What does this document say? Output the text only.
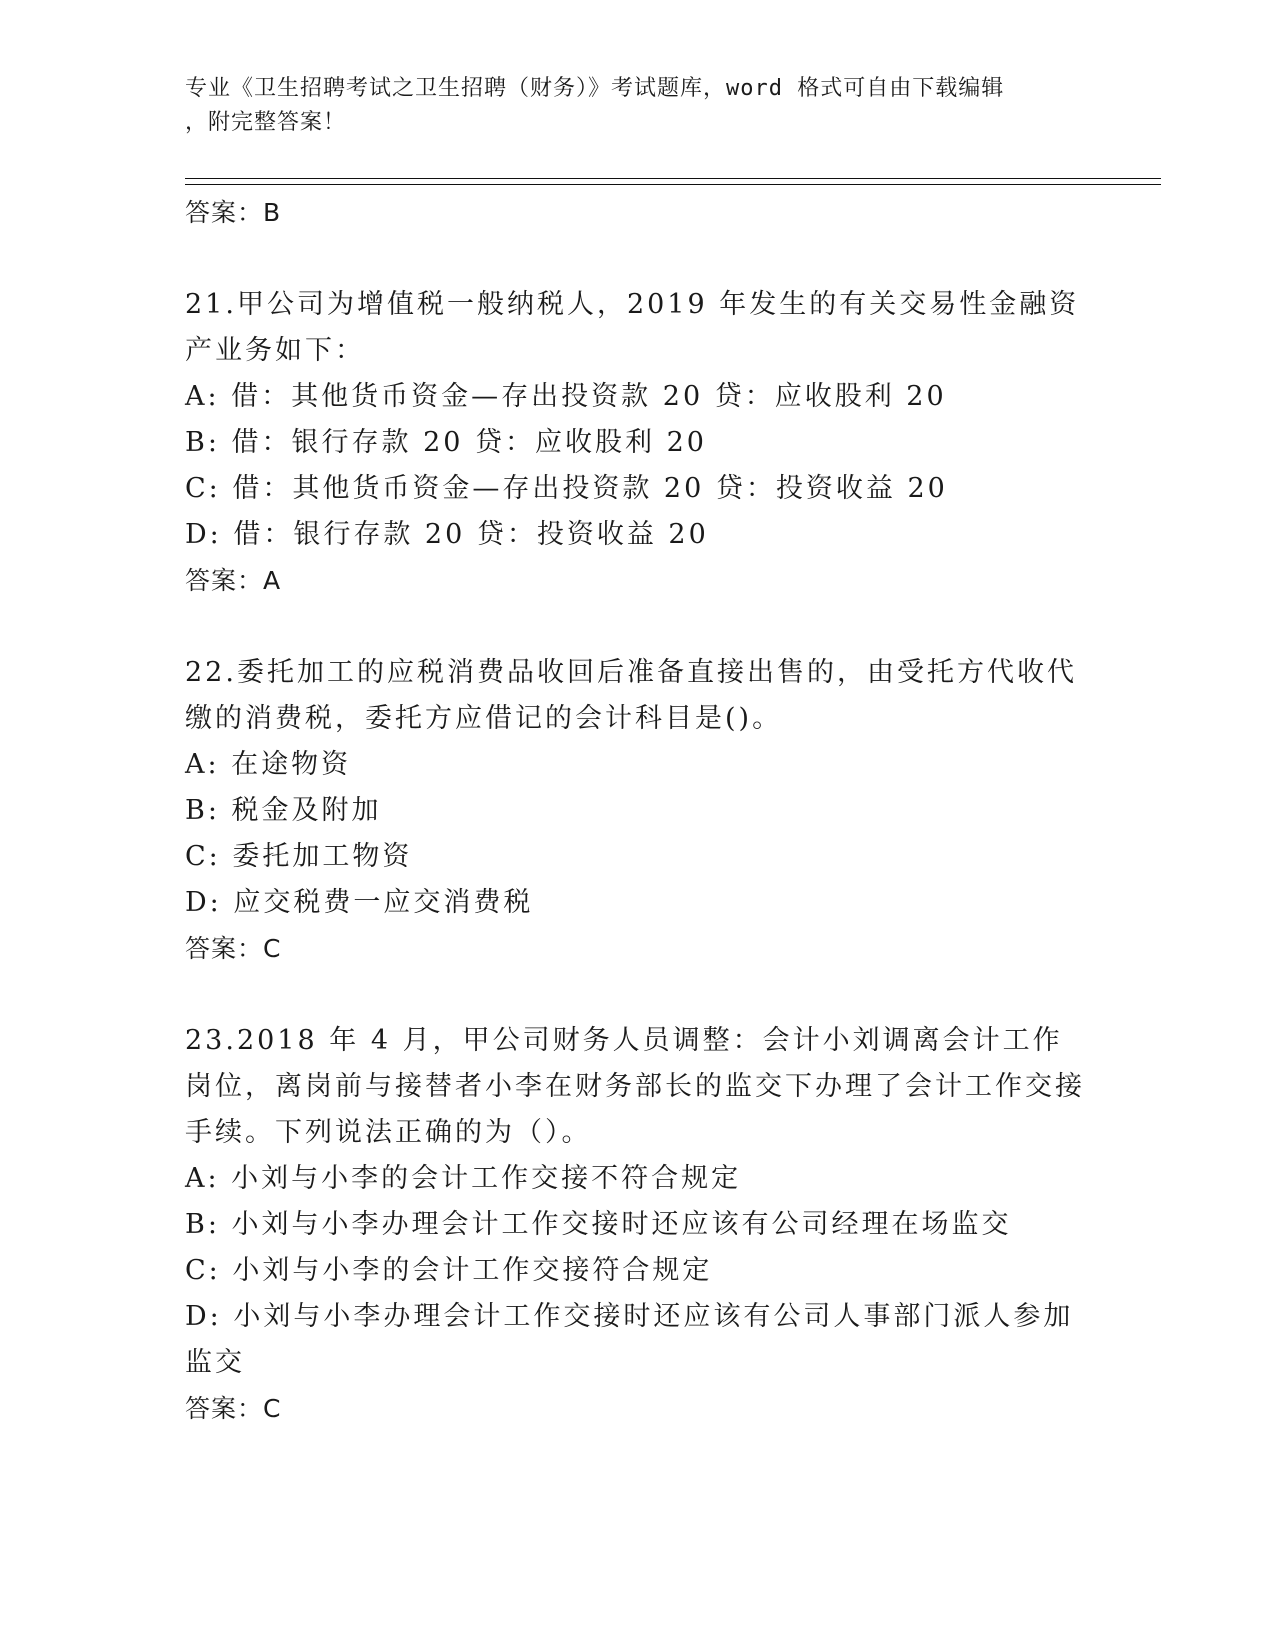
专业《卫生招聘考试之卫生招聘（财务）》考试题库，word 格式可自由下载编辑
，附完整答案！
答案：B
21.甲公司为增值税一般纳税人，2019 年发生的有关交易性金融资产业务如下：
A: 借：其他货币资金—存出投资款 20 贷：应收股利 20
B: 借：银行存款 20 贷：应收股利 20
C: 借：其他货币资金—存出投资款 20 贷：投资收益 20
D: 借：银行存款 20 贷：投资收益 20
答案：A
22.委托加工的应税消费品收回后准备直接出售的，由受托方代收代缴的消费税，委托方应借记的会计科目是()。
A: 在途物资
B: 税金及附加
C: 委托加工物资
D: 应交税费一应交消费税
答案：C
23.2018 年 4 月，甲公司财务人员调整：会计小刘调离会计工作岗位，离岗前与接替者小李在财务部长的监交下办理了会计工作交接手续。下列说法正确的为（）。
A: 小刘与小李的会计工作交接不符合规定
B: 小刘与小李办理会计工作交接时还应该有公司经理在场监交
C: 小刘与小李的会计工作交接符合规定
D: 小刘与小李办理会计工作交接时还应该有公司人事部门派人参加监交
答案：C
